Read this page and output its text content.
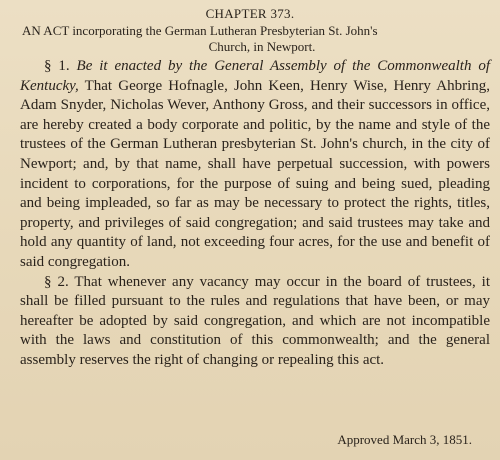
CHAPTER 373.
AN ACT incorporating the German Lutheran Presbyterian St. John's
Church, in Newport.

§ 1. Be it enacted by the General Assembly of the Commonwealth of Kentucky, That George Hofnagle, John Keen, Henry Wise, Henry Ahbring, Adam Snyder, Nicholas Wever, Anthony Gross, and their successors in office, are hereby created a body corporate and politic, by the name and style of the trustees of the German Lutheran presbyterian St. John's church, in the city of Newport; and, by that name, shall have perpetual succession, with powers incident to corporations, for the purpose of suing and being sued, pleading and being impleaded, so far as may be necessary to protect the rights, titles, property, and privileges of said congregation; and said trustees may take and hold any quantity of land, not exceeding four acres, for the use and benefit of said congregation.

§ 2. That whenever any vacancy may occur in the board of trustees, it shall be filled pursuant to the rules and regulations that have been, or may hereafter be adopted by said congregation, and which are not incompatible with the laws and constitution of this commonwealth; and the general assembly reserves the right of changing or repealing this act.

Approved March 3, 1851.
